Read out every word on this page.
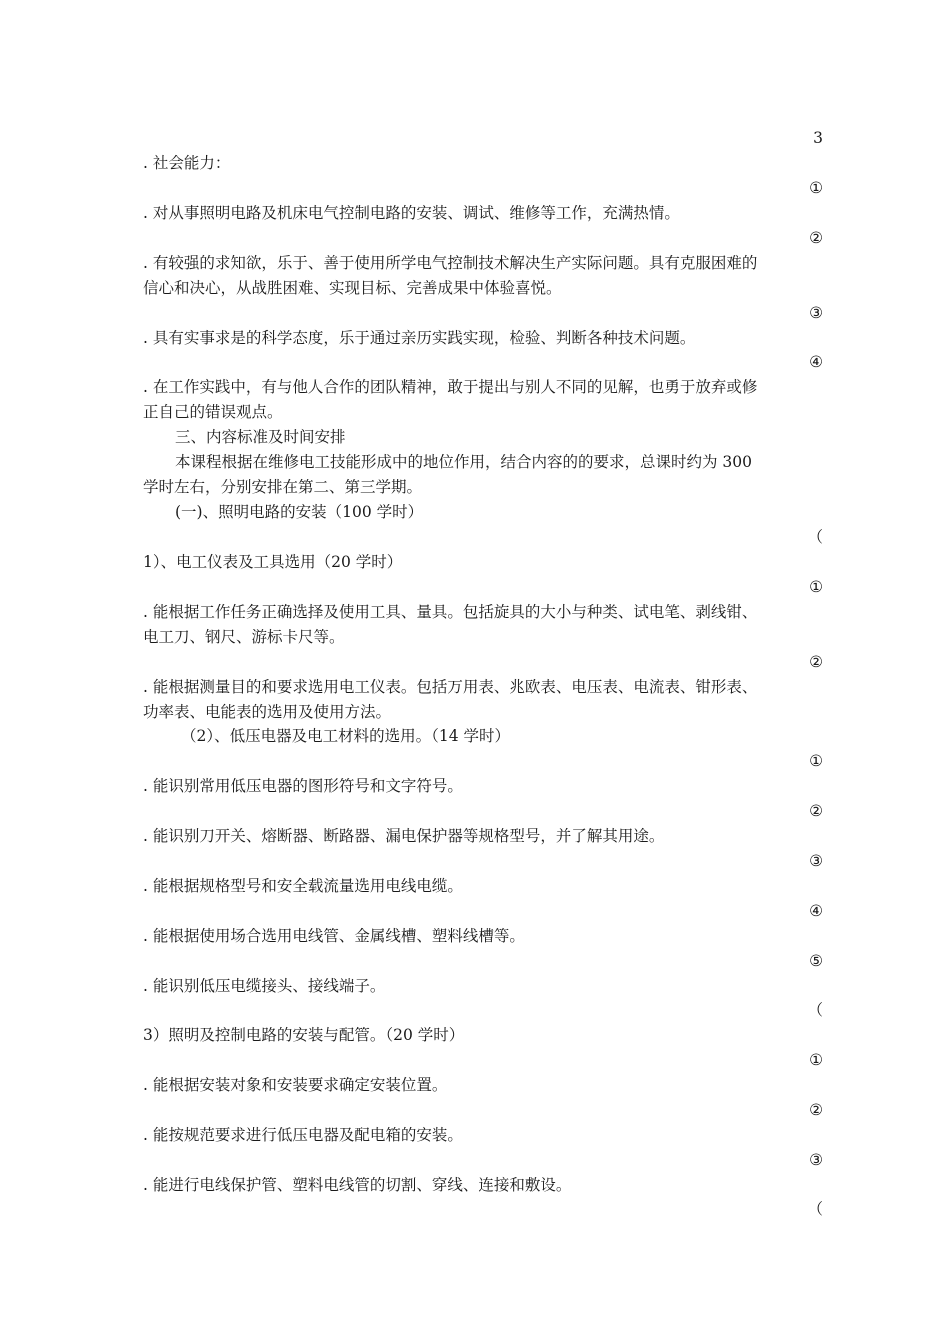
3
. 社会能力：
①
. 对从事照明电路及机床电气控制电路的安装、调试、维修等工作，充满热情。
②
. 有较强的求知欲，乐于、善于使用所学电气控制技术解决生产实际问题。具有克服困难的
信心和决心，从战胜困难、实现目标、完善成果中体验喜悦。
③
. 具有实事求是的科学态度，乐于通过亲历实践实现，检验、判断各种技术问题。
④
. 在工作实践中，有与他人合作的团队精神，敢于提出与别人不同的见解，也勇于放弃或修
正自己的错误观点。
三、内容标准及时间安排
本课程根据在维修电工技能形成中的地位作用，结合内容的的要求，总课时约为 300
学时左右，分别安排在第二、第三学期。
(一)、照明电路的安装（100 学时）
（
1）、电工仪表及工具选用（20 学时）
①
. 能根据工作任务正确选择及使用工具、量具。包括旋具的大小与种类、试电笔、剥线钳、
电工刀、钢尺、游标卡尺等。
②
. 能根据测量目的和要求选用电工仪表。包括万用表、兆欧表、电压表、电流表、钳形表、
功率表、电能表的选用及使用方法。
（2）、低压电器及电工材料的选用。（14 学时）
①
. 能识别常用低压电器的图形符号和文字符号。
②
. 能识别刀开关、熔断器、断路器、漏电保护器等规格型号，并了解其用途。
③
. 能根据规格型号和安全载流量选用电线电缆。
④
. 能根据使用场合选用电线管、金属线槽、塑料线槽等。
⑤
. 能识别低压电缆接头、接线端子。
（
3）照明及控制电路的安装与配管。（20 学时）
①
. 能根据安装对象和安装要求确定安装位置。
②
. 能按规范要求进行低压电器及配电箱的安装。
③
. 能进行电线保护管、塑料电线管的切割、穿线、连接和敷设。
（
